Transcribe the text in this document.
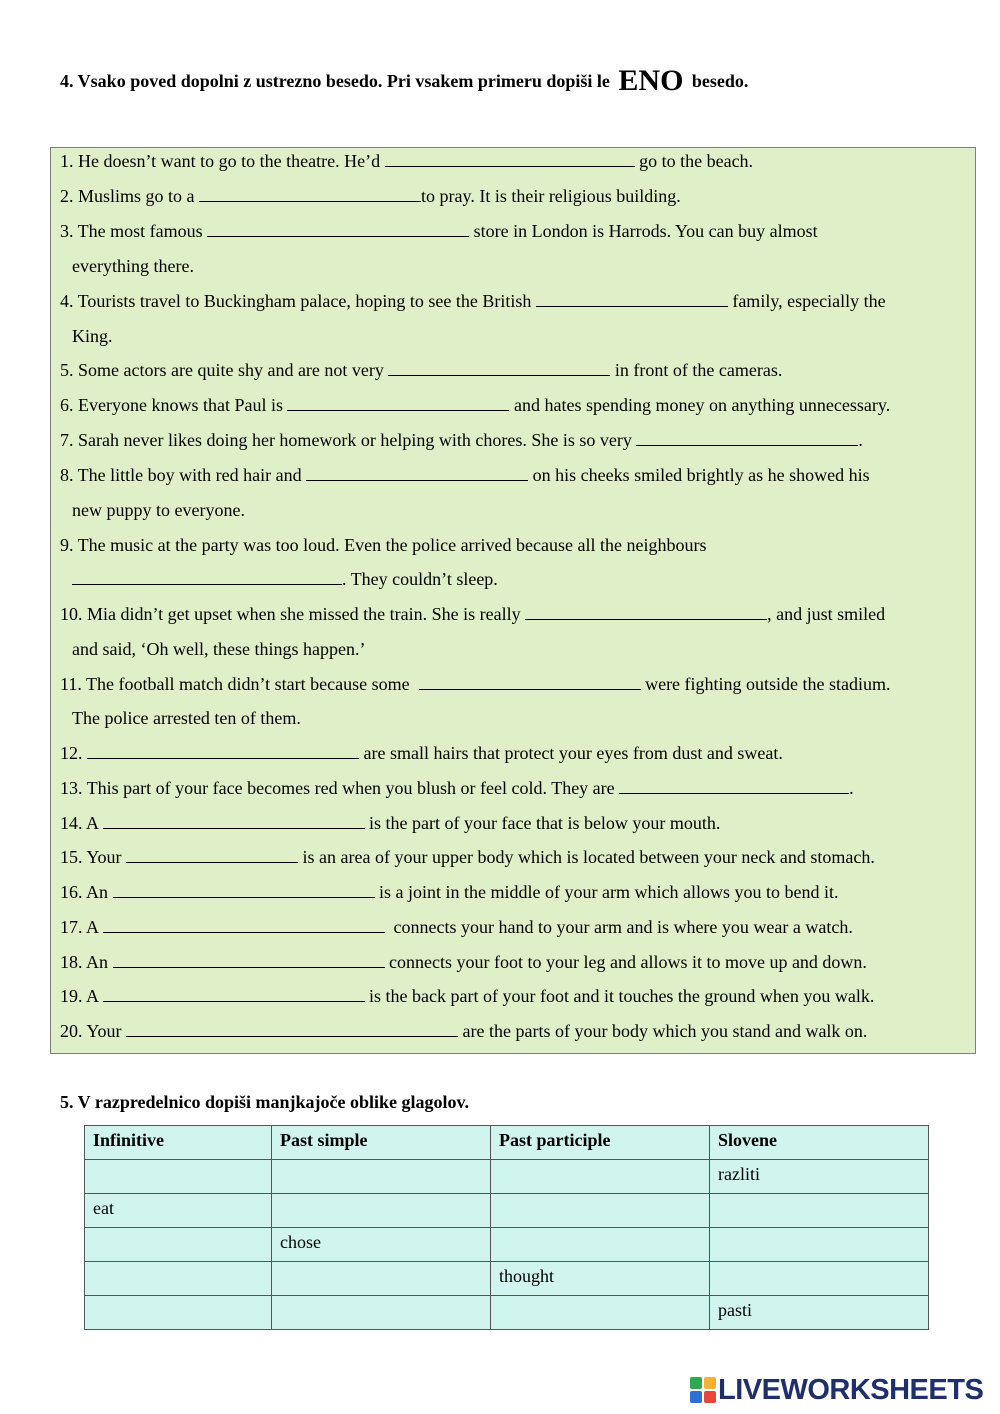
4. Vsako poved dopolni z ustrezno besedo. Pri vsakem primeru dopiši le ENO besedo.
1. He doesn’t want to go to the theatre. He’d	go to the beach.
2. Muslims go to a	to pray. It is their religious building.
3. The most famous	store in London is Harrods. You can buy almost
everything there.
4. Tourists travel to Buckingham palace, hoping to see the British	family, especially the
King.
5. Some actors are quite shy and are not very	in front of the cameras.
6. Everyone knows that Paul is	and hates spending money on anything unnecessary.
7. Sarah never likes doing her homework or helping with chores. She is so very	.
8. The little boy with red hair and	on his cheeks smiled brightly as he showed his
new puppy to everyone.
9. The music at the party was too loud. Even the police arrived because all the neighbours
. They couldn’t sleep.
10. Mia didn’t get upset when she missed the train. She is really	, and just smiled
and said, ‘Oh well, these things happen.’
11. The football match didn’t start because some	were fighting outside the stadium.
The police arrested ten of them.
12.	are small hairs that protect your eyes from dust and sweat.
13. This part of your face becomes red when you blush or feel cold. They are	.
14. A	is the part of your face that is below your mouth.
15. Your	is an area of your upper body which is located between your neck and stomach.
16. An	is a joint in the middle of your arm which allows you to bend it.
17. A	connects your hand to your arm and is where you wear a watch.
18. An	connects your foot to your leg and allows it to move up and down.
19. A	is the back part of your foot and it touches the ground when you walk.
20. Your	are the parts of your body which you stand and walk on.
5. V razpredelnico dopiši manjkajoče oblike glagolov.
Infinitive	Past simple	Past participle	Slovene
			razliti
eat			
	chose		
		thought	
			pasti
LIVEWORKSHEETS
